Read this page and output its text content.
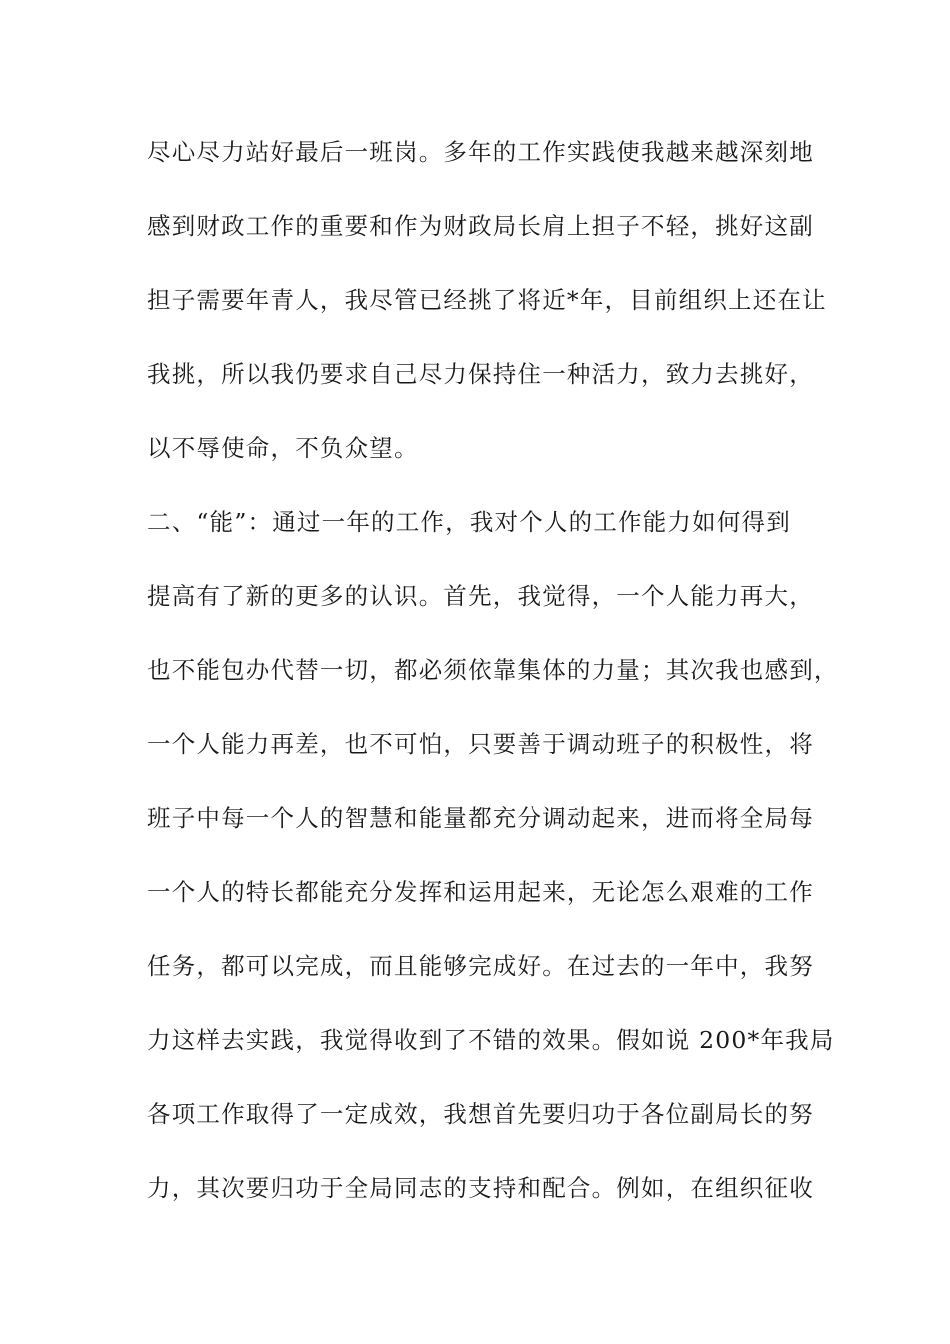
尽心尽力站好最后一班岗。多年的工作实践使我越来越深刻地
感到财政工作的重要和作为财政局长肩上担子不轻，挑好这副
担子需要年青人，我尽管已经挑了将近*年，目前组织上还在让
我挑，所以我仍要求自己尽力保持住一种活力，致力去挑好，
以不辱使命，不负众望。
二、“能”：通过一年的工作，我对个人的工作能力如何得到
提高有了新的更多的认识。首先，我觉得，一个人能力再大，
也不能包办代替一切，都必须依靠集体的力量；其次我也感到，
一个人能力再差，也不可怕，只要善于调动班子的积极性，将
班子中每一个人的智慧和能量都充分调动起来，进而将全局每
一个人的特长都能充分发挥和运用起来，无论怎么艰难的工作
任务，都可以完成，而且能够完成好。在过去的一年中，我努
力这样去实践，我觉得收到了不错的效果。假如说 200*年我局
各项工作取得了一定成效，我想首先要归功于各位副局长的努
力，其次要归功于全局同志的支持和配合。例如，在组织征收
